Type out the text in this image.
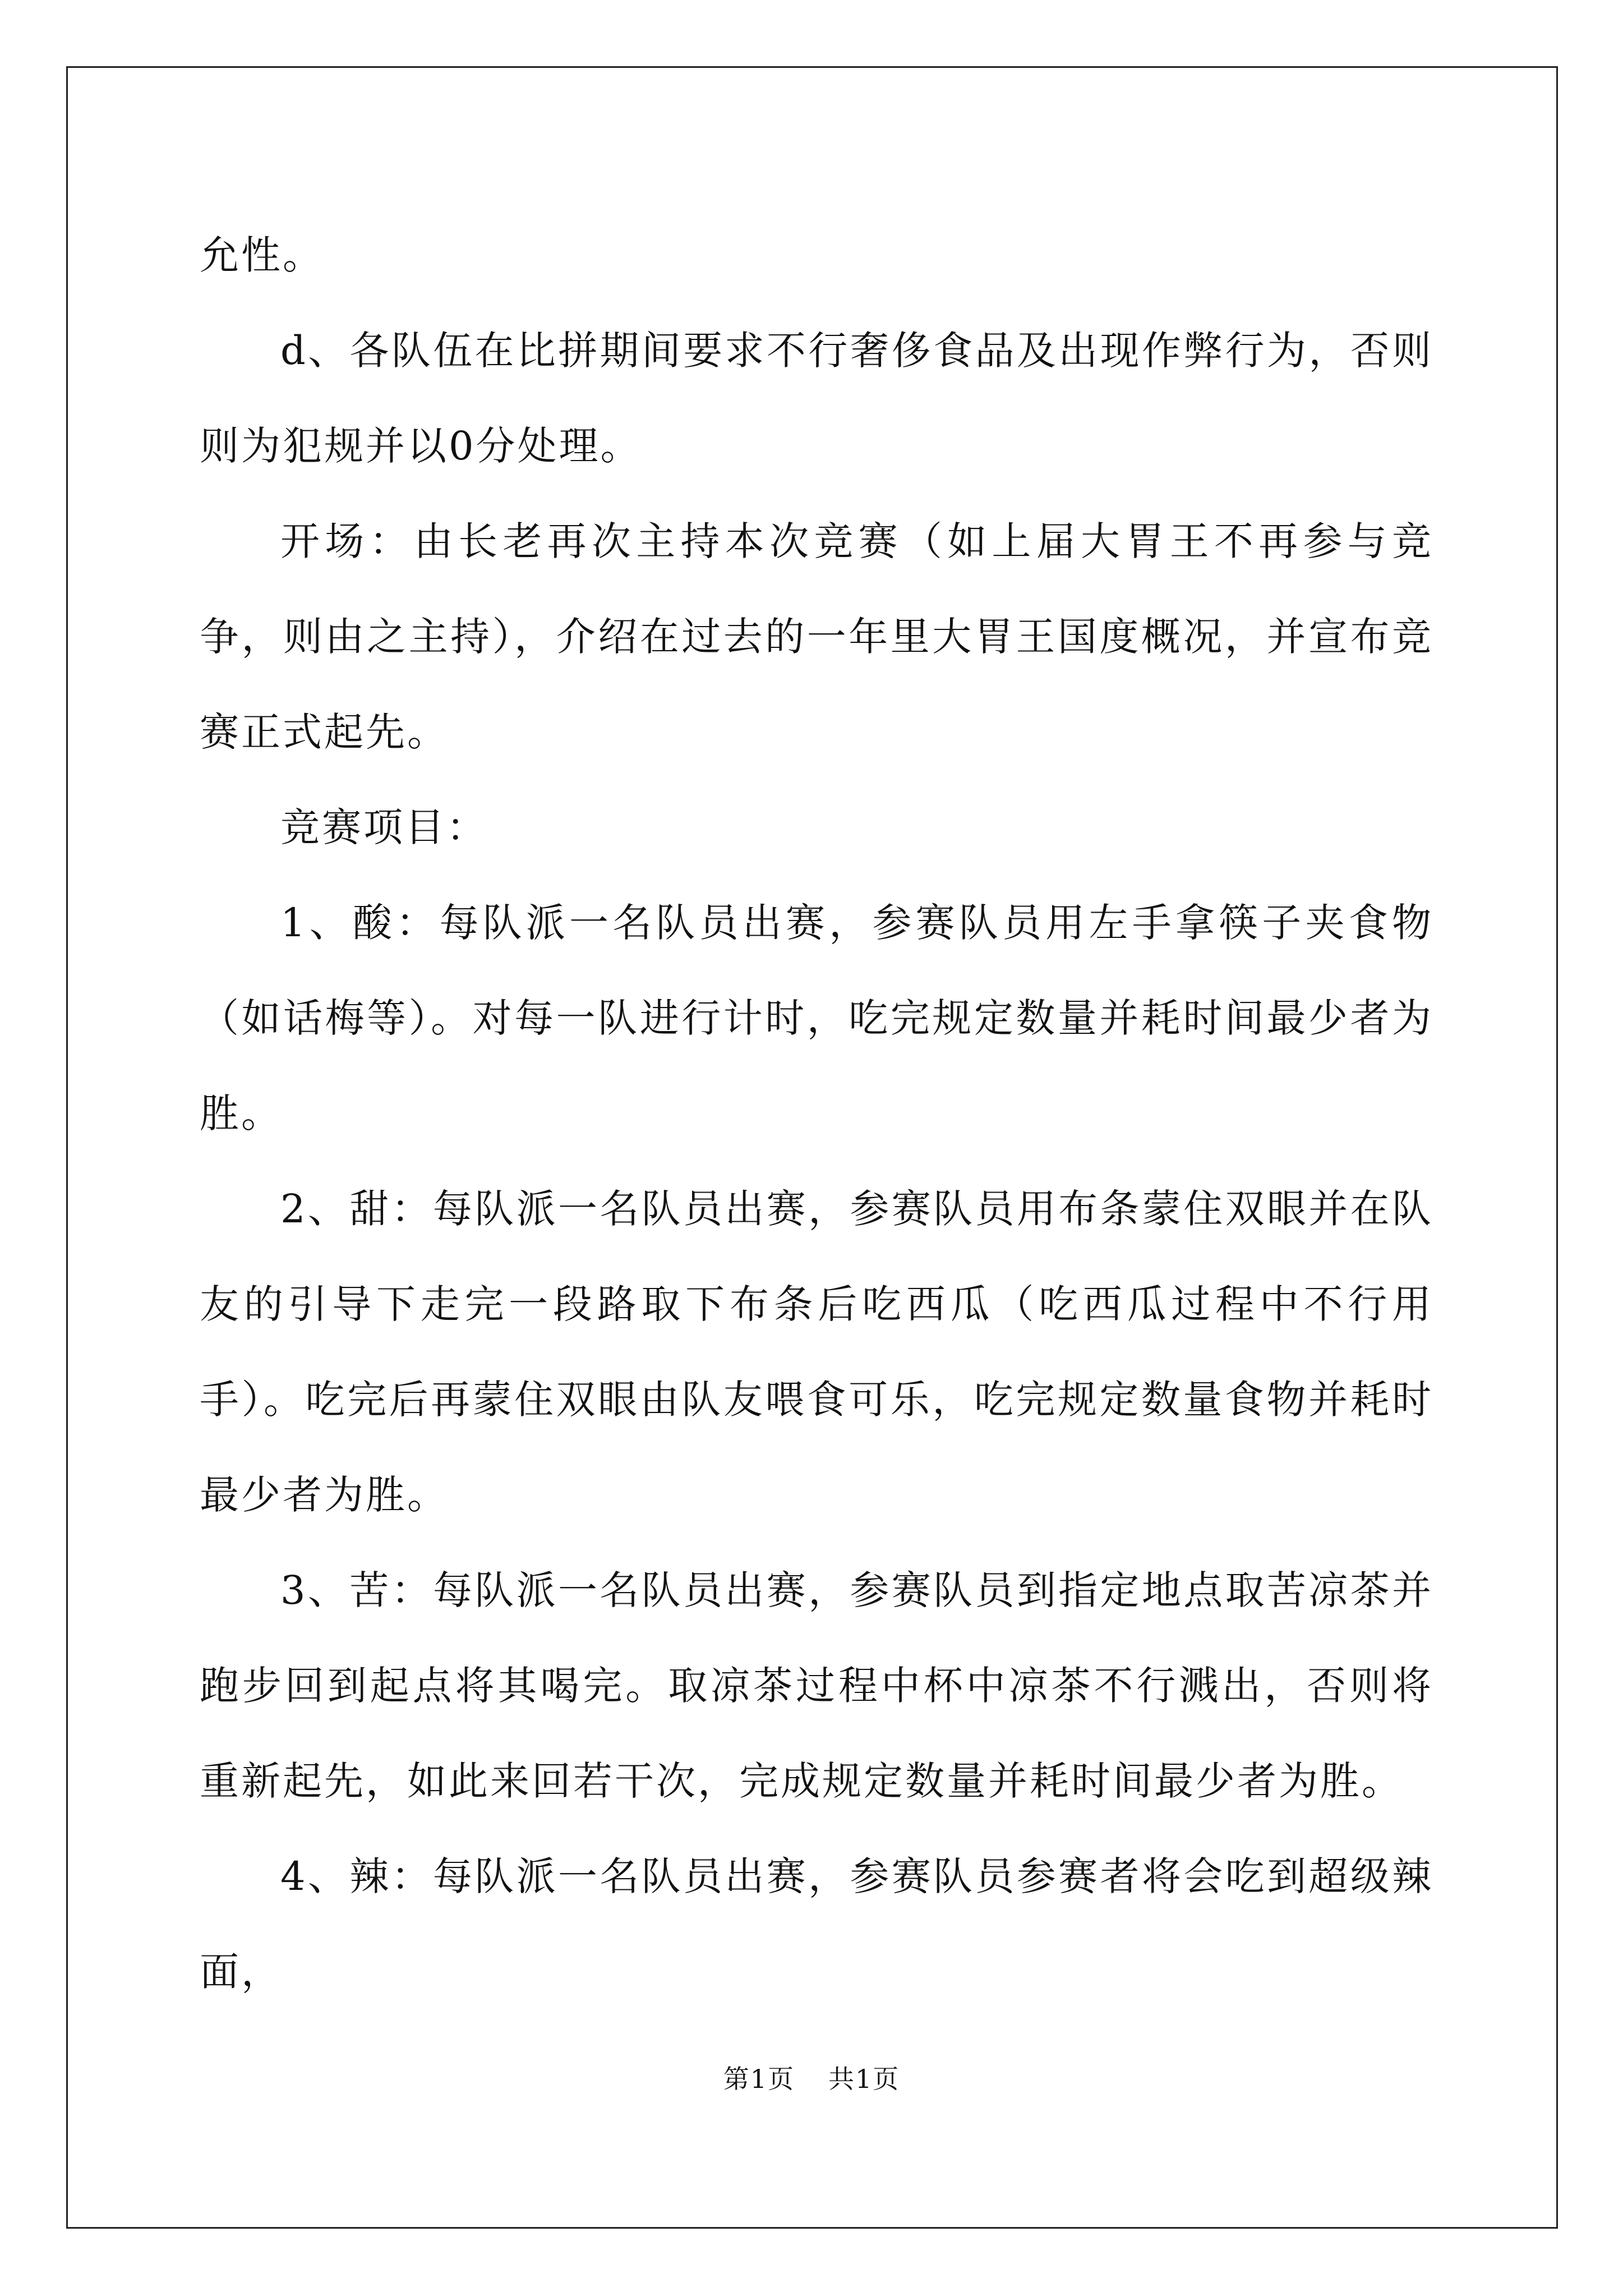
允性。

d、各队伍在比拼期间要求不行奢侈食品及出现作弊行为，否则则为犯规并以0分处理。

开场：由长老再次主持本次竞赛（如上届大胃王不再参与竞争，则由之主持），介绍在过去的一年里大胃王国度概况，并宣布竞赛正式起先。

竞赛项目：

1、酸：每队派一名队员出赛，参赛队员用左手拿筷子夹食物（如话梅等）。对每一队进行计时，吃完规定数量并耗时间最少者为胜。

2、甜：每队派一名队员出赛，参赛队员用布条蒙住双眼并在队友的引导下走完一段路取下布条后吃西瓜（吃西瓜过程中不行用手）。吃完后再蒙住双眼由队友喂食可乐，吃完规定数量食物并耗时最少者为胜。

3、苦：每队派一名队员出赛，参赛队员到指定地点取苦凉茶并跑步回到起点将其喝完。取凉茶过程中杯中凉茶不行溅出，否则将重新起先，如此来回若干次，完成规定数量并耗时间最少者为胜。

4、辣：每队派一名队员出赛，参赛队员参赛者将会吃到超级辣面，

第1页 共1页
